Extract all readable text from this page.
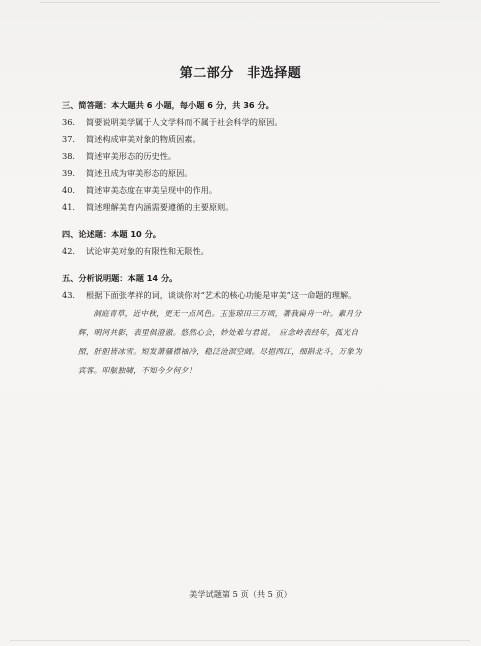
第二部分　非选择题
三、简答题：本大题共 6 小题，每小题 6 分，共 36 分。
36. 简要说明美学属于人文学科而不属于社会科学的原因。
37. 简述构成审美对象的物质因素。
38. 简述审美形态的历史性。
39. 简述丑成为审美形态的原因。
40. 简述审美态度在审美呈现中的作用。
41. 简述理解美育内涵需要遵循的主要原则。
四、论述题：本题 10 分。
42. 试论审美对象的有限性和无限性。
五、分析说明题：本题 14 分。
43. 根据下面张孝祥的词，谈谈你对“艺术的核心功能是审美”这一命题的理解。
洞庭青草，近中秋，更无一点风色。玉鉴琼田三万顷，著我扁舟一叶。素月分
辉，明河共影，表里俱澄澈。悠然心会，妙处难与君说。　应念岭表经年，孤光自
照，肝胆皆冰雪。短发萧骚襟袖冷，稳泛沧溟空阔。尽挹西江，细斟北斗，万象为
宾客。叩舷独啸，不知今夕何夕！
美学试题第 5 页（共 5 页）
